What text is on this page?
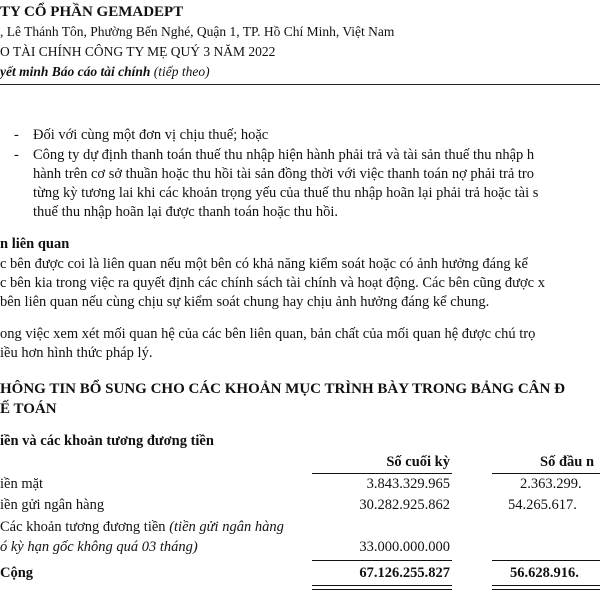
TY CỔ PHẦN GEMADEPT
, Lê Thánh Tôn, Phường Bến Nghé, Quận 1, TP. Hồ Chí Minh, Việt Nam
O TÀI CHÍNH CÔNG TY MẸ QUÝ 3 NĂM 2022
yết minh Báo cáo tài chính (tiếp theo)
- Đối với cùng một đơn vị chịu thuế; hoặc
- Công ty dự định thanh toán thuế thu nhập hiện hành phải trả và tài sản thuế thu nhập h
hành trên cơ sở thuần hoặc thu hồi tài sản đồng thời với việc thanh toán nợ phải trả tro
từng kỳ tương lai khi các khoản trọng yếu của thuế thu nhập hoãn lại phải trả hoặc tài s
thuế thu nhập hoãn lại được thanh toán hoặc thu hồi.
n liên quan
c bên được coi là liên quan nếu một bên có khả năng kiểm soát hoặc có ảnh hưởng đáng kể
c bên kia trong việc ra quyết định các chính sách tài chính và hoạt động. Các bên cũng được x
bên liên quan nếu cùng chịu sự kiểm soát chung hay chịu ảnh hưởng đáng kể chung.
ong việc xem xét mối quan hệ của các bên liên quan, bản chất của mối quan hệ được chú trọ
iều hơn hình thức pháp lý.
HÔNG TIN BỔ SUNG CHO CÁC KHOẢN MỤC TRÌNH BÀY TRONG BẢNG CÂN Đ
Ế TOÁN
iền và các khoản tương đương tiền
Số cuối kỳ	Số đầu n
iền mặt	3.843.329.965	2.363.299.
iền gửi ngân hàng	30.282.925.862	54.265.617.
Các khoản tương đương tiền (tiền gửi ngân hàng
ó kỳ hạn gốc không quá 03 tháng)	33.000.000.000
Cộng	67.126.255.827	56.628.916.
